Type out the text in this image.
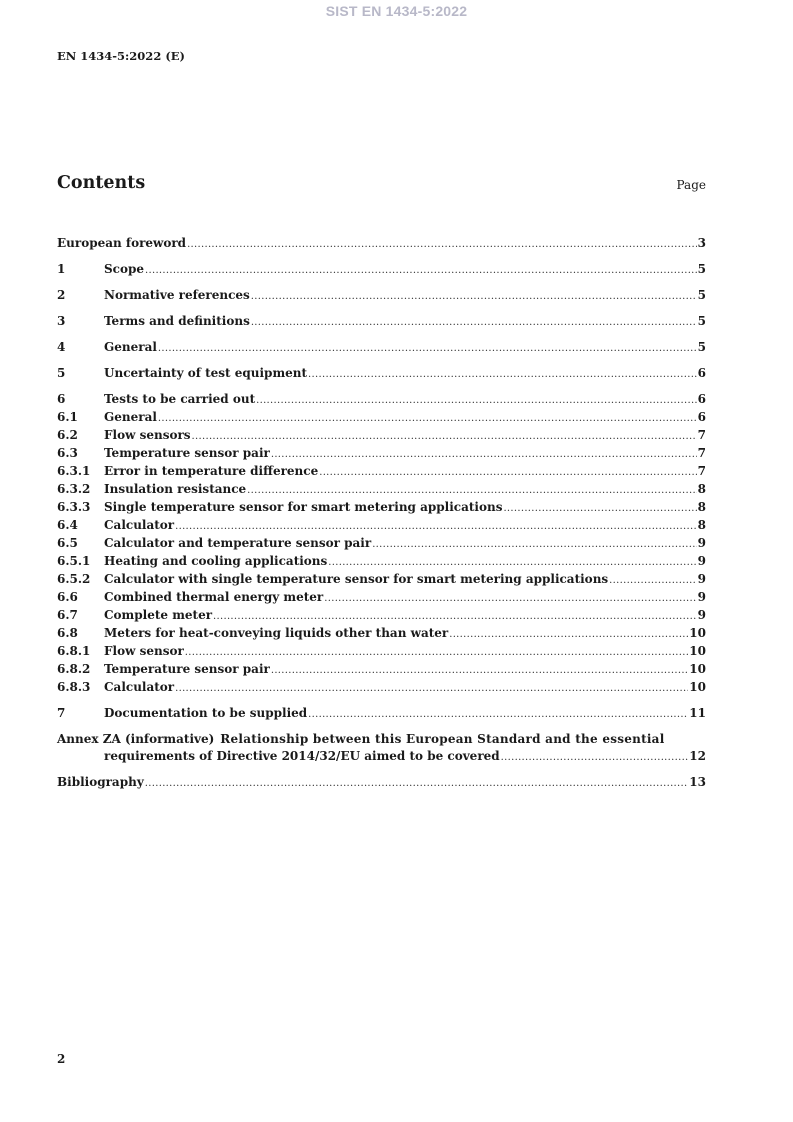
SIST EN 1434-5:2022
EN 1434-5:2022 (E)
Contents	Page
European foreword .....	3
1	Scope .....	5
2	Normative references .....	5
3	Terms and definitions .....	5
4	General .....	5
5	Uncertainty of test equipment .....	6
6	Tests to be carried out .....	6
6.1	General .....	6
6.2	Flow sensors .....	7
6.3	Temperature sensor pair .....	7
6.3.1	Error in temperature difference .....	7
6.3.2	Insulation resistance .....	8
6.3.3	Single temperature sensor for smart metering applications .....	8
6.4	Calculator .....	8
6.5	Calculator and temperature sensor pair .....	9
6.5.1	Heating and cooling applications .....	9
6.5.2	Calculator with single temperature sensor for smart metering applications .....	9
6.6	Combined thermal energy meter .....	9
6.7	Complete meter .....	9
6.8	Meters for heat-conveying liquids other than water .....	10
6.8.1	Flow sensor .....	10
6.8.2	Temperature sensor pair .....	10
6.8.3	Calculator .....	10
7	Documentation to be supplied .....	11
Annex ZA (informative) Relationship between this European Standard and the essential
requirements of Directive 2014/32/EU aimed to be covered .....	12
Bibliography .....	13
2
